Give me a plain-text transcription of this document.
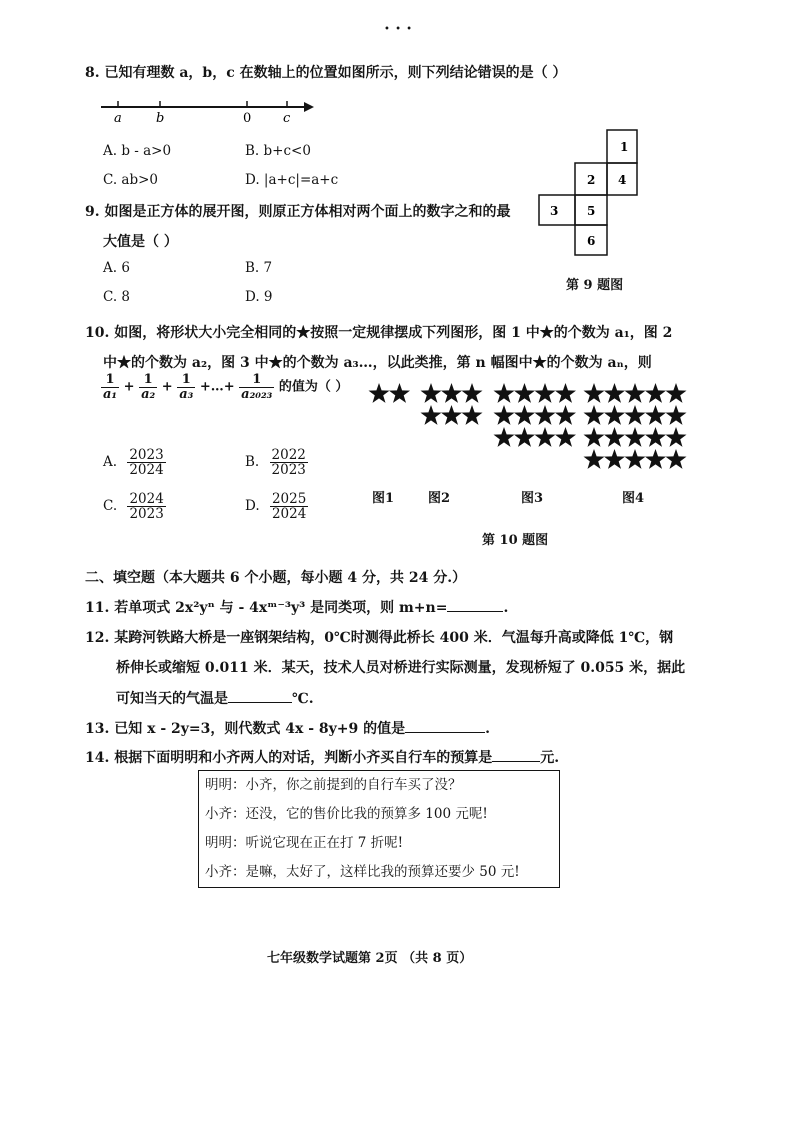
• • •
8. 已知有理数 a，b，c 在数轴上的位置如图所示，则下列结论错误的是（ ）
a	b	0 c
A. b - a>0	B. b+c<0
C. ab>0	D. |a+c|=a+c
9. 如图是正方体的展开图，则原正方体相对两个面上的数字之和的最
大值是（ ）
A. 6	B. 7
C. 8	D. 9
1
2 4
3 5
6
第 9 题图
10. 如图，将形状大小完全相同的★按照一定规律摆成下列图形，图 1 中★的个数为 a₁，图 2
中★的个数为 a₂，图 3 中★的个数为 a₃…，以此类推，第 n 幅图中★的个数为 aₙ，则
$\frac{1}{\text{a₁}} + \frac{1}{\text{a₂}} + \frac{1}{\text{a₃}}$ +…+ $\frac{1}{\text{a₂₀₂₃}}$ 的值为（ ）
A. $\frac{2023}{2024}$	B. $\frac{2022}{2023}$
C. $\frac{2024}{2023}$	D. $\frac{2025}{2024}$	图1	图2	图3	图4
第 10 题图
二、填空题（本大题共 6 个小题，每小题 4 分，共 24 分.）
11. 若单项式 2x²yⁿ 与 - 4xᵐ⁻³y³ 是同类项，则 m+n=	.
12. 某跨河铁路大桥是一座钢架结构，0℃时测得此桥长 400 米．气温每升高或降低 1℃，钢
桥伸长或缩短 0.011 米．某天，技术人员对桥进行实际测量，发现桥短了 0.055 米，据此
可知当天的气温是	℃.
13. 已知 x - 2y=3，则代数式 4x - 8y+9 的值是	.
14. 根据下面明明和小齐两人的对话，判断小齐买自行车的预算是	元.
明明：小齐，你之前提到的自行车买了没？
小齐：还没，它的售价比我的预算多 100 元呢!
明明：听说它现在正在打 7 折呢!
小齐：是嘛，太好了，这样比我的预算还要少 50 元!
七年级数学试题第 2页 （共 8 页）
